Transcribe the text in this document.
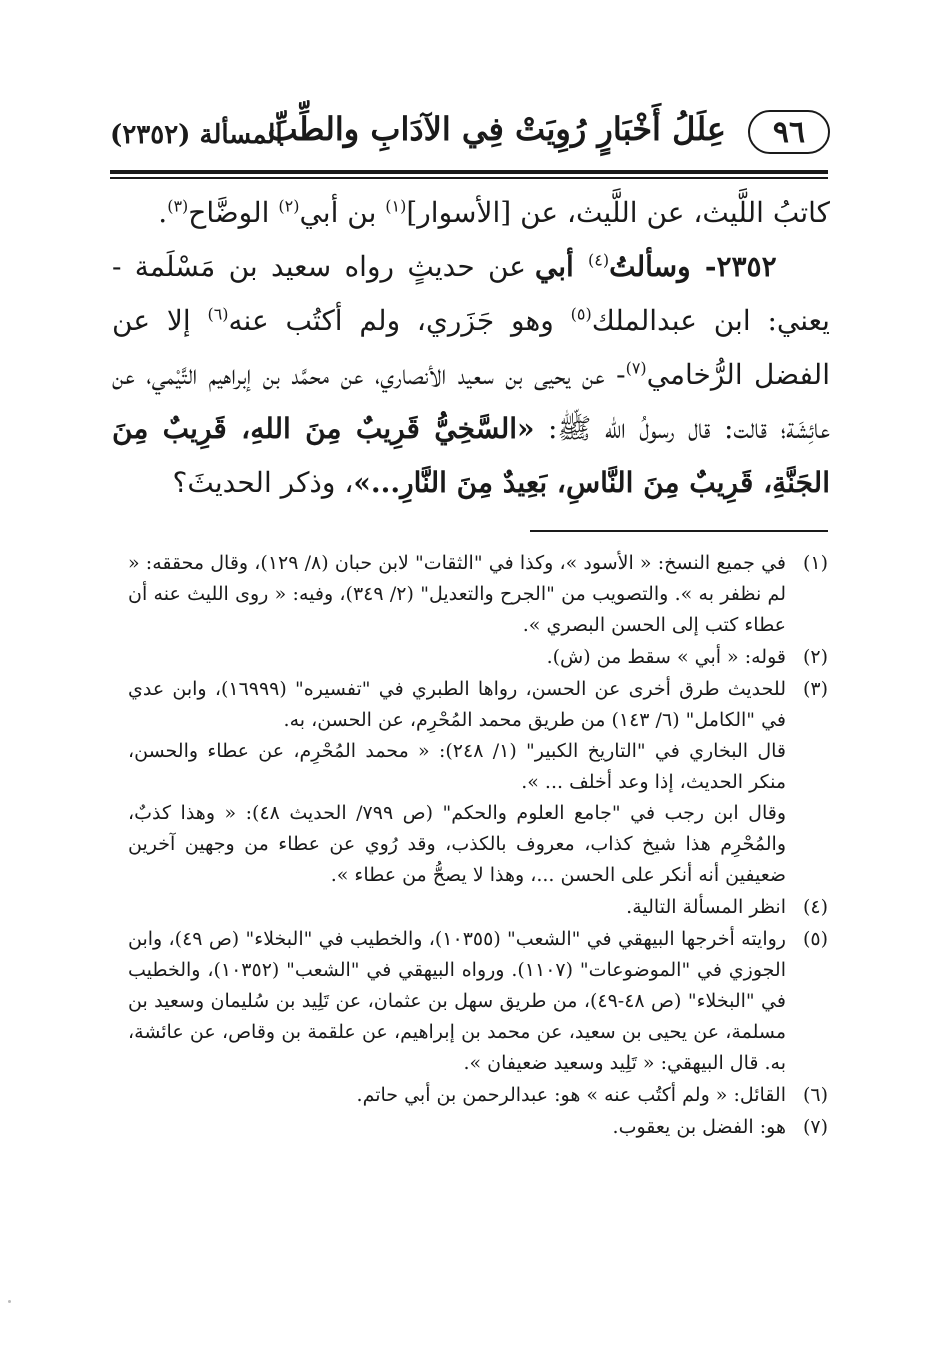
٩٦
عِلَلُ أَخْبَارٍ رُوِيَتْ فِي الآدَابِ والطِّبِّ
المسألة (٢٣٥٢)

كاتبُ اللَّيث، عن اللَّيث، عن [الأسوار]$^{(١)}$ بن أبي$^{(٢)}$ الوضَّاح$^{(٣)}$.

٢٣٥٢- وسألتُ$^{(٤)}$ أبي عن حديثٍ رواه سعيد بن مَسْلَمة - يعني: ابن عبدالملك$^{(٥)}$ وهو جَزَري، ولم أكتُب عنه$^{(٦)}$ إلا عن الفضل الرُّخامي$^{(٧)}$- عن يحيى بن سعيد الأنصاري، عن محمَّد بن إبراهيم التَّيْمي، عن عائِشَة؛ قالت: قال رسولُ الله ﷺ: «السَّخِيُّ قَرِيبٌ مِنَ اللهِ، قَرِيبٌ مِنَ الجَنَّةِ، قَرِيبٌ مِنَ النَّاسِ، بَعِيدٌ مِنَ النَّارِ...»، وذكر الحديثَ؟

(١)

في جميع النسخ: « الأسود »، وكذا في "الثقات" لابن حبان (٨/ ١٢٩)، وقال محققه: « لم نظفر به ». والتصويب من "الجرح والتعديل" (٢/ ٣٤٩)، وفيه: « روى الليث عنه أن عطاء كتب إلى الحسن البصري ».

(٢)

قوله: « أبي » سقط من (ش).

(٣)

للحديث طرق أخرى عن الحسن، رواها الطبري في "تفسيره" (١٦٩٩٩)، وابن عدي في "الكامل" (٦/ ١٤٣) من طريق محمد المُحْرِم، عن الحسن، به.

قال البخاري في "التاريخ الكبير" (١/ ٢٤٨): « محمد المُحْرِم، عن عطاء والحسن، منكر الحديث، إذا وعد أخلف ... ».

وقال ابن رجب في "جامع العلوم والحكم" (ص ٧٩٩/ الحديث ٤٨): « وهذا كذبٌ، والمُحْرِم هذا شيخ كذاب، معروف بالكذب، وقد رُوي عن عطاء من وجهين آخرين ضعيفين أنه أنكر على الحسن ...، وهذا لا يصحُّ من عطاء ».

(٤)

انظر المسألة التالية.

(٥)

روايته أخرجها البيهقي في "الشعب" (١٠٣٥٥)، والخطيب في "البخلاء" (ص ٤٩)، وابن الجوزي في "الموضوعات" (١١٠٧). ورواه البيهقي في "الشعب" (١٠٣٥٢)، والخطيب في "البخلاء" (ص ٤٨-٤٩)، من طريق سهل بن عثمان، عن تَلِيد بن سُليمان وسعيد بن مسلمة، عن يحيى بن سعيد، عن محمد بن إبراهيم، عن علقمة بن وقاص، عن عائشة، به. قال البيهقي: « تَلِيد وسعيد ضعيفان ».

(٦)

القائل: « ولم أكتُب عنه » هو: عبدالرحمن بن أبي حاتم.

(٧)

هو: الفضل بن يعقوب.
